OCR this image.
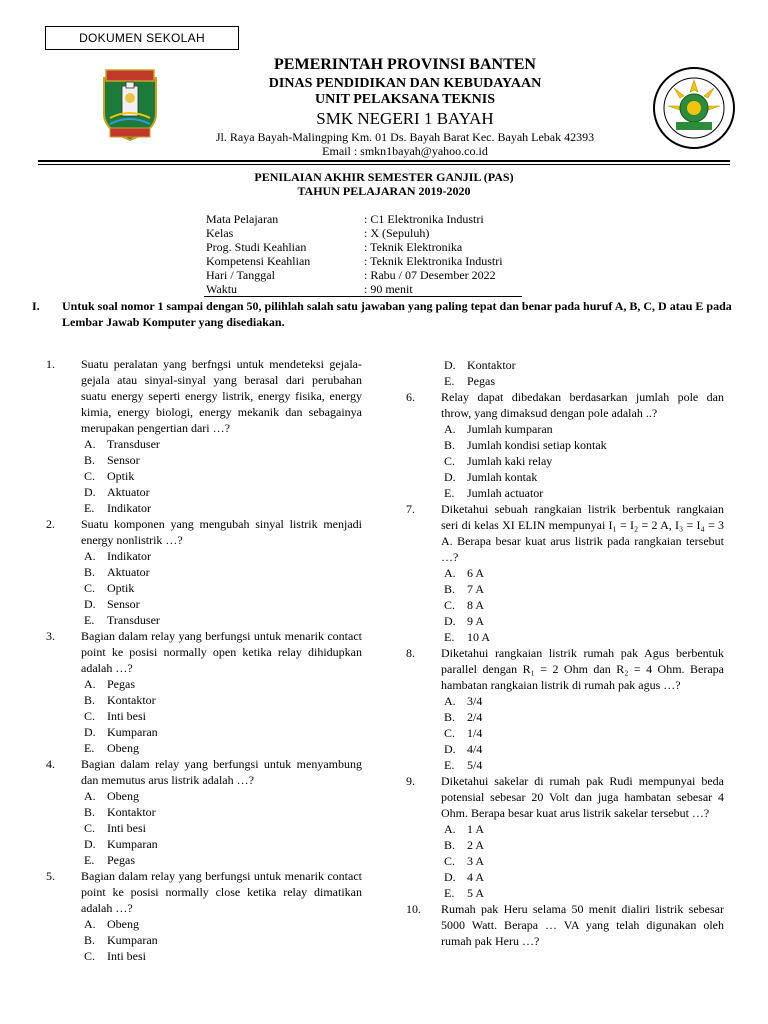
DOKUMEN SEKOLAH
PEMERINTAH PROVINSI BANTEN
DINAS PENDIDIKAN DAN KEBUDAYAAN
UNIT PELAKSANA TEKNIS
SMK NEGERI 1 BAYAH
Jl. Raya Bayah-Malingping Km. 01 Ds. Bayah Barat Kec. Bayah Lebak 42393
Email : smkn1bayah@yahoo.co.id
PENILAIAN AKHIR SEMESTER GANJIL (PAS)
TAHUN PELAJARAN 2019-2020
Mata Pelajaran	: C1 Elektronika Industri
Kelas	: X (Sepuluh)
Prog. Studi Keahlian	: Teknik Elektronika
Kompetensi Keahlian	: Teknik Elektronika Industri
Hari / Tanggal	: Rabu / 07 Desember 2022
Waktu	: 90 menit
I. Untuk soal nomor 1 sampai dengan 50, pilihlah salah satu jawaban yang paling tepat dan benar pada huruf A, B, C, D atau E pada Lembar Jawab Komputer yang disediakan.
1. Suatu peralatan yang berfngsi untuk mendeteksi gejala-gejala atau sinyal-sinyal yang berasal dari perubahan suatu energy seperti energy listrik, energy fisika, energy kimia, energy biologi, energy mekanik dan sebagainya merupakan pengertian dari …?
A. Transduser
B. Sensor
C. Optik
D. Aktuator
E.	Indikator
2. Suatu komponen yang mengubah sinyal listrik menjadi energy nonlistrik …?
A. Indikator
B. Aktuator
C. Optik
D. Sensor
E.	Transduser
3. Bagian dalam relay yang berfungsi untuk menarik contact point ke posisi normally open ketika relay dihidupkan adalah …?
A. Pegas
B. Kontaktor
C. Inti besi
D. Kumparan
E.	Obeng
4. Bagian dalam relay yang berfungsi untuk menyambung dan memutus arus listrik adalah …?
A. Obeng
B. Kontaktor
C. Inti besi
D. Kumparan
E.	Pegas
5. Bagian dalam relay yang berfungsi untuk menarik contact point ke posisi normally close ketika relay dimatikan adalah …?
A. Obeng
B. Kumparan
C. Inti besi
D. Kontaktor
E.	Pegas
6. Relay dapat dibedakan berdasarkan jumlah pole dan throw, yang dimaksud dengan pole adalah ..?
A. Jumlah kumparan
B. Jumlah kondisi setiap kontak
C. Jumlah kaki relay
D. Jumlah kontak
E.	Jumlah actuator
7. Diketahui sebuah rangkaian listrik berbentuk rangkaian seri di kelas XI ELIN mempunyai I₁ = I₂ = 2 A, I₃ = I₄ = 3 A. Berapa besar kuat arus listrik pada rangkaian tersebut …?
A. 6 A
B. 7 A
C. 8 A
D. 9 A
E.	10 A
8. Diketahui rangkaian listrik rumah pak Agus berbentuk parallel dengan R₁ = 2 Ohm dan R₂ = 4 Ohm. Berapa hambatan rangkaian listrik di rumah pak agus …?
A. 3/4
B. 2/4
C. 1/4
D. 4/4
E.	5/4
9. Diketahui sakelar di rumah pak Rudi mempunyai beda potensial sebesar 20 Volt dan juga hambatan sebesar 4 Ohm. Berapa besar kuat arus listrik sakelar tersebut …?
A. 1 A
B. 2 A
C. 3 A
D. 4 A
E.	5 A
10. Rumah pak Heru selama 50 menit dialiri listrik sebesar 5000 Watt. Berapa … VA yang telah digunakan oleh rumah pak Heru …?
